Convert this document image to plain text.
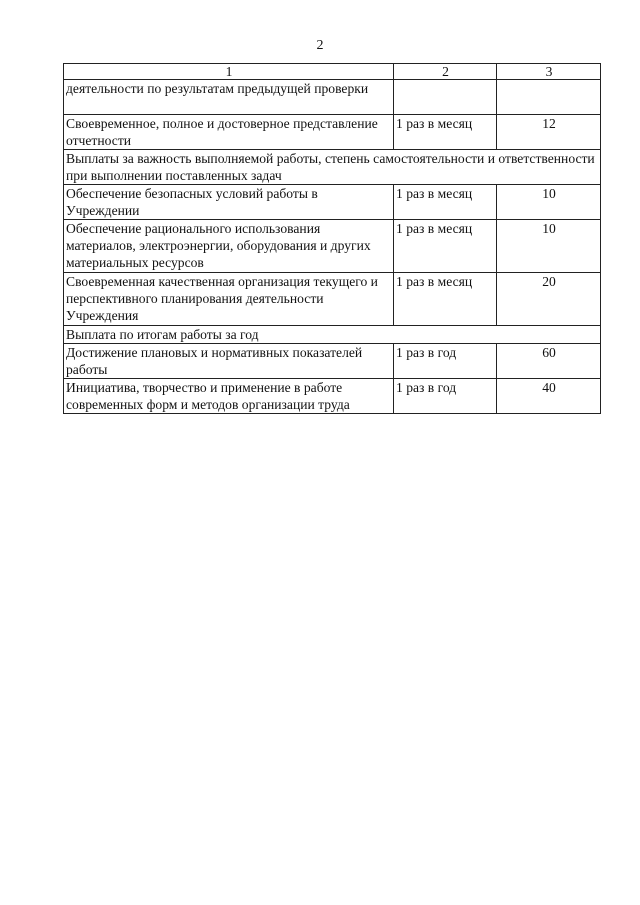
2
1	2	3
деятельности по результатам предыдущей проверки		
Своевременное, полное и достоверное представление отчетности	1 раз в месяц	12
Выплаты за важность выполняемой работы, степень самостоятельности и ответственности при выполнении поставленных задач		
Обеспечение безопасных условий работы в Учреждении	1 раз в месяц	10
Обеспечение рационального использования материалов, электроэнергии, оборудования и других материальных ресурсов	1 раз в месяц	10
Своевременная качественная организация текущего и перспективного планирования деятельности Учреждения	1 раз в месяц	20
Выплата по итогам работы за год		
Достижение плановых и нормативных показателей работы	1 раз в год	60
Инициатива, творчество и применение в работе современных форм и методов организации труда	1 раз в год	40
